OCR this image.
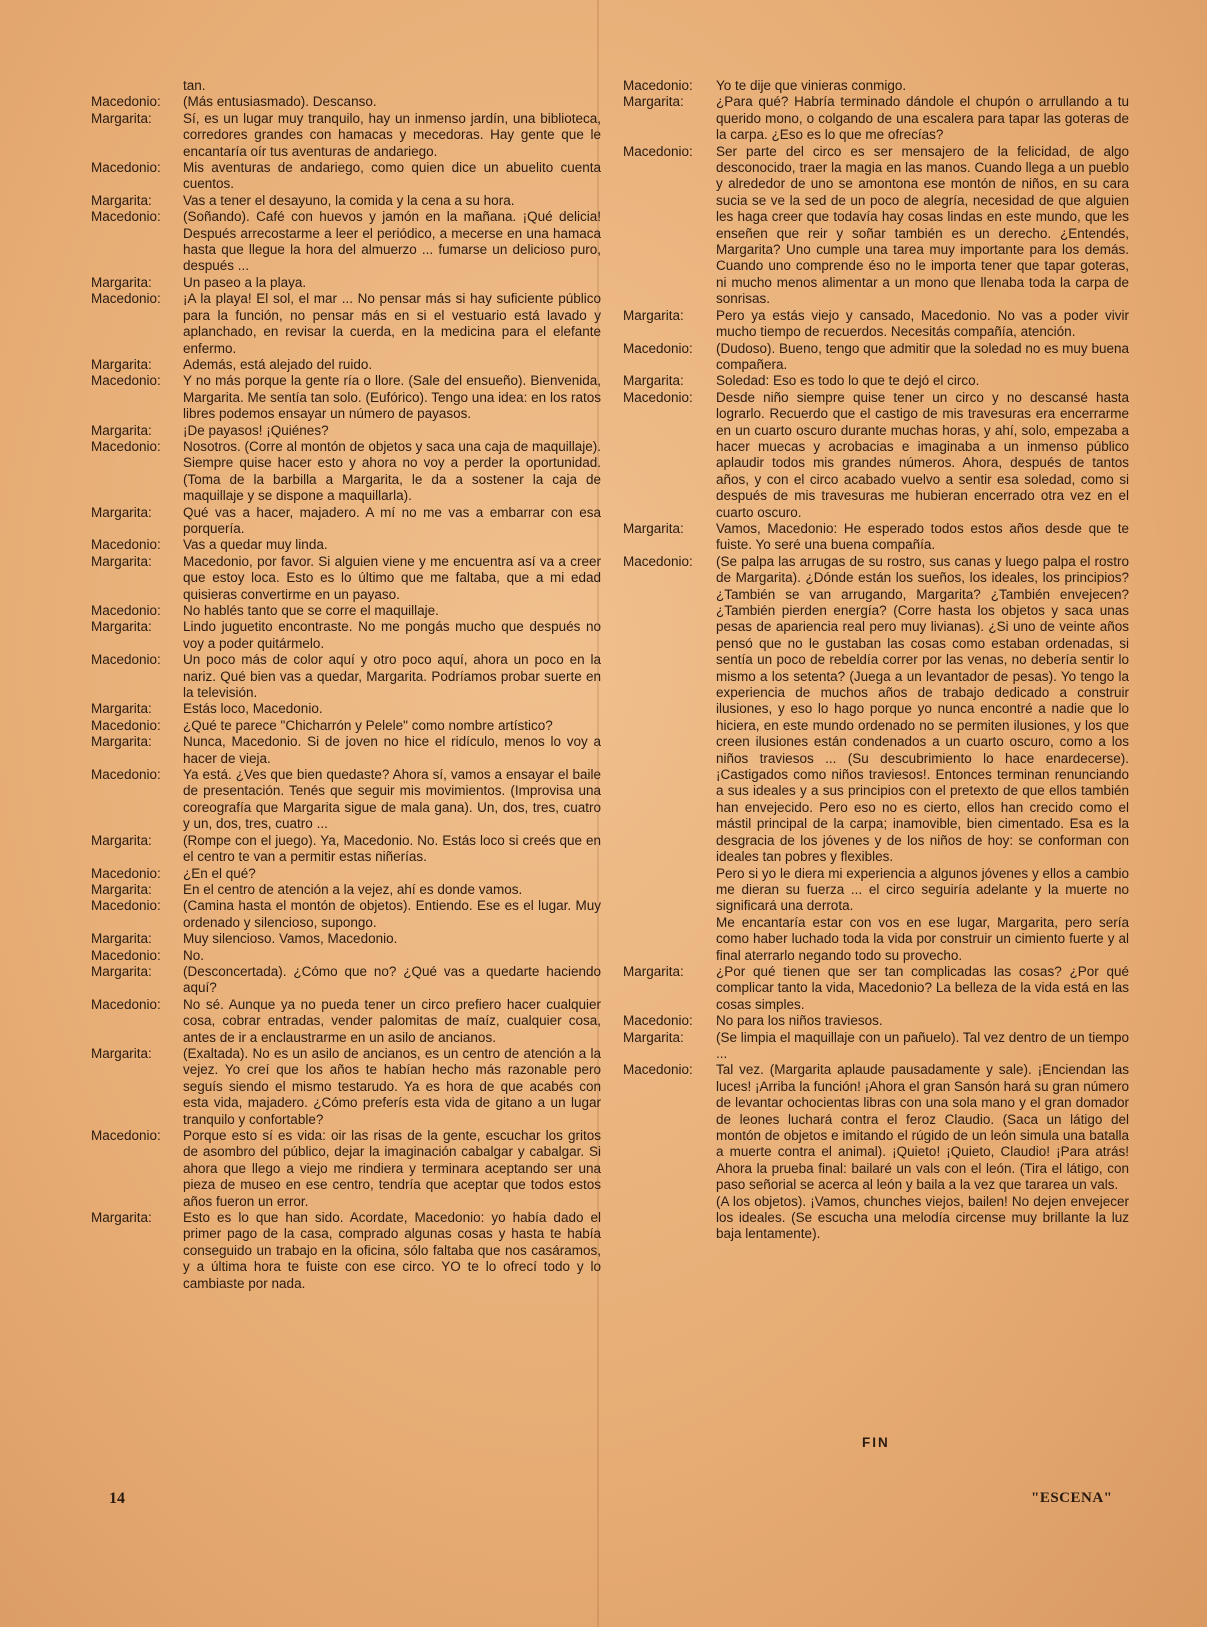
tan.
Macedonio:	(Más entusiasmado). Descanso.
Margarita:	Sí, es un lugar muy tranquilo, hay un inmenso jardín, una biblioteca, corredores grandes con hamacas y mecedoras. Hay gente que le encantaría oír tus aventuras de andariego.
Macedonio:	Mis aventuras de andariego, como quien dice un abuelito cuenta cuentos.
Margarita:	Vas a tener el desayuno, la comida y la cena a su hora.
Macedonio:	(Soñando). Café con huevos y jamón en la mañana. ¡Qué delicia! Después arrecostarme a leer el periódico, a mecerse en una hamaca hasta que llegue la hora del almuerzo ... fumarse un delicioso puro, después ...
Margarita:	Un paseo a la playa.
Macedonio:	¡A la playa! El sol, el mar ... No pensar más si hay suficiente público para la función, no pensar más en si el vestuario está lavado y aplanchado, en revisar la cuerda, en la medicina para el elefante enfermo.
Margarita:	Además, está alejado del ruido.
Macedonio:	Y no más porque la gente ría o llore. (Sale del ensueño). Bienvenida, Margarita. Me sentía tan solo. (Eufórico). Tengo una idea: en los ratos libres podemos ensayar un número de payasos.
Margarita:	¡De payasos! ¡Quiénes?
Macedonio:	Nosotros. (Corre al montón de objetos y saca una caja de maquillaje). Siempre quise hacer esto y ahora no voy a perder la oportunidad. (Toma de la barbilla a Margarita, le da a sostener la caja de maquillaje y se dispone a maquillarla).
Margarita:	Qué vas a hacer, majadero. A mí no me vas a embarrar con esa porquería.
Macedonio:	Vas a quedar muy linda.
Margarita:	Macedonio, por favor. Si alguien viene y me encuentra así va a creer que estoy loca. Esto es lo último que me faltaba, que a mi edad quisieras convertirme en un payaso.
Macedonio:	No hablés tanto que se corre el maquillaje.
Margarita:	Lindo juguetito encontraste. No me pongás mucho que después no voy a poder quitármelo.
Macedonio:	Un poco más de color aquí y otro poco aquí, ahora un poco en la nariz. Qué bien vas a quedar, Margarita. Podríamos probar suerte en la televisión.
Margarita:	Estás loco, Macedonio.
Macedonio:	¿Qué te parece "Chicharrón y Pelele" como nombre artístico?
Margarita:	Nunca, Macedonio. Si de joven no hice el ridículo, menos lo voy a hacer de vieja.
Macedonio:	Ya está. ¿Ves que bien quedaste? Ahora sí, vamos a ensayar el baile de presentación. Tenés que seguir mis movimientos. (Improvisa una coreografía que Margarita sigue de mala gana). Un, dos, tres, cuatro y un, dos, tres, cuatro ...
Margarita:	(Rompe con el juego). Ya, Macedonio. No. Estás loco si creés que en el centro te van a permitir estas niñerías.
Macedonio:	¿En el qué?
Margarita:	En el centro de atención a la vejez, ahí es donde vamos.
Macedonio:	(Camina hasta el montón de objetos). Entiendo. Ese es el lugar. Muy ordenado y silencioso, supongo.
Margarita:	Muy silencioso. Vamos, Macedonio.
Macedonio:	No.
Margarita:	(Desconcertada). ¿Cómo que no? ¿Qué vas a quedarte haciendo aquí?
Macedonio:	No sé. Aunque ya no pueda tener un circo prefiero hacer cualquier cosa, cobrar entradas, vender palomitas de maíz, cualquier cosa, antes de ir a enclaustrarme en un asilo de ancianos.
Margarita:	(Exaltada). No es un asilo de ancianos, es un centro de atención a la vejez. Yo creí que los años te habían hecho más razonable pero seguís siendo el mismo testarudo. Ya es hora de que acabés con esta vida, majadero. ¿Cómo preferís esta vida de gitano a un lugar tranquilo y confortable?
Macedonio:	Porque esto sí es vida: oir las risas de la gente, escuchar los gritos de asombro del público, dejar la imaginación cabalgar y cabalgar. Si ahora que llego a viejo me rindiera y terminara aceptando ser una pieza de museo en ese centro, tendría que aceptar que todos estos años fueron un error.
Margarita:	Esto es lo que han sido. Acordate, Macedonio: yo había dado el primer pago de la casa, comprado algunas cosas y hasta te había conseguido un trabajo en la oficina, sólo faltaba que nos casáramos, y a última hora te fuiste con ese circo. YO te lo ofrecí todo y lo cambiaste por nada.
Macedonio:	Yo te dije que vinieras conmigo.
Margarita:	¿Para qué? Habría terminado dándole el chupón o arrullando a tu querido mono, o colgando de una escalera para tapar las goteras de la carpa. ¿Eso es lo que me ofrecías?
Macedonio:	Ser parte del circo es ser mensajero de la felicidad, de algo desconocido, traer la magia en las manos. Cuando llega a un pueblo y alrededor de uno se amontona ese montón de niños, en su cara sucia se ve la sed de un poco de alegría, necesidad de que alguien les haga creer que todavía hay cosas lindas en este mundo, que les enseñen que reir y soñar también es un derecho. ¿Entendés, Margarita? Uno cumple una tarea muy importante para los demás. Cuando uno comprende éso no le importa tener que tapar goteras, ni mucho menos alimentar a un mono que llenaba toda la carpa de sonrisas.
Margarita:	Pero ya estás viejo y cansado, Macedonio. No vas a poder vivir mucho tiempo de recuerdos. Necesitás compañía, atención.
Macedonio:	(Dudoso). Bueno, tengo que admitir que la soledad no es muy buena compañera.
Margarita:	Soledad: Eso es todo lo que te dejó el circo.
Macedonio:	Desde niño siempre quise tener un circo y no descansé hasta lograrlo. Recuerdo que el castigo de mis travesuras era encerrarme en un cuarto oscuro durante muchas horas, y ahí, solo, empezaba a hacer muecas y acrobacias e imaginaba a un inmenso público aplaudir todos mis grandes números. Ahora, después de tantos años, y con el circo acabado vuelvo a sentir esa soledad, como si después de mis travesuras me hubieran encerrado otra vez en el cuarto oscuro.
Margarita:	Vamos, Macedonio: He esperado todos estos años desde que te fuiste. Yo seré una buena compañía.
Macedonio:	(Se palpa las arrugas de su rostro, sus canas y luego palpa el rostro de Margarita). ¿Dónde están los sueños, los ideales, los principios? ¿También se van arrugando, Margarita? ¿También envejecen? ¿También pierden energía? (Corre hasta los objetos y saca unas pesas de apariencia real pero muy livianas). ¿Si uno de veinte años pensó que no le gustaban las cosas como estaban ordenadas, si sentía un poco de rebeldía correr por las venas, no debería sentir lo mismo a los setenta? (Juega a un levantador de pesas). Yo tengo la experiencia de muchos años de trabajo dedicado a construir ilusiones, y eso lo hago porque yo nunca encontré a nadie que lo hiciera, en este mundo ordenado no se permiten ilusiones, y los que creen ilusiones están condenados a un cuarto oscuro, como a los niños traviesos ... (Su descubrimiento lo hace enardecerse). ¡Castigados como niños traviesos!. Entonces terminan renunciando a sus ideales y a sus principios con el pretexto de que ellos también han envejecido. Pero eso no es cierto, ellos han crecido como el mástil principal de la carpa; inamovible, bien cimentado. Esa es la desgracia de los jóvenes y de los niños de hoy: se conforman con ideales tan pobres y flexibles.
Pero si yo le diera mi experiencia a algunos jóvenes y ellos a cambio me dieran su fuerza ... el circo seguiría adelante y la muerte no significará una derrota.
Me encantaría estar con vos en ese lugar, Margarita, pero sería como haber luchado toda la vida por construir un cimiento fuerte y al final aterrarlo negando todo su provecho.
Margarita:	¿Por qué tienen que ser tan complicadas las cosas? ¿Por qué complicar tanto la vida, Macedonio? La belleza de la vida está en las cosas simples.
Macedonio:	No para los niños traviesos.
Margarita:	(Se limpia el maquillaje con un pañuelo). Tal vez dentro de un tiempo ...
Macedonio:	Tal vez. (Margarita aplaude pausadamente y sale). ¡Enciendan las luces! ¡Arriba la función! ¡Ahora el gran Sansón hará su gran número de levantar ochocientas libras con una sola mano y el gran domador de leones luchará contra el feroz Claudio. (Saca un látigo del montón de objetos e imitando el rúgido de un león simula una batalla a muerte contra el animal). ¡Quieto! ¡Quieto, Claudio! ¡Para atrás! Ahora la prueba final: bailaré un vals con el león. (Tira el látigo, con paso señorial se acerca al león y baila a la vez que tararea un vals.
(A los objetos). ¡Vamos, chunches viejos, bailen! No dejen envejecer los ideales. (Se escucha una melodía circense muy brillante la luz baja lentamente).
FIN
14	"ESCENA"
